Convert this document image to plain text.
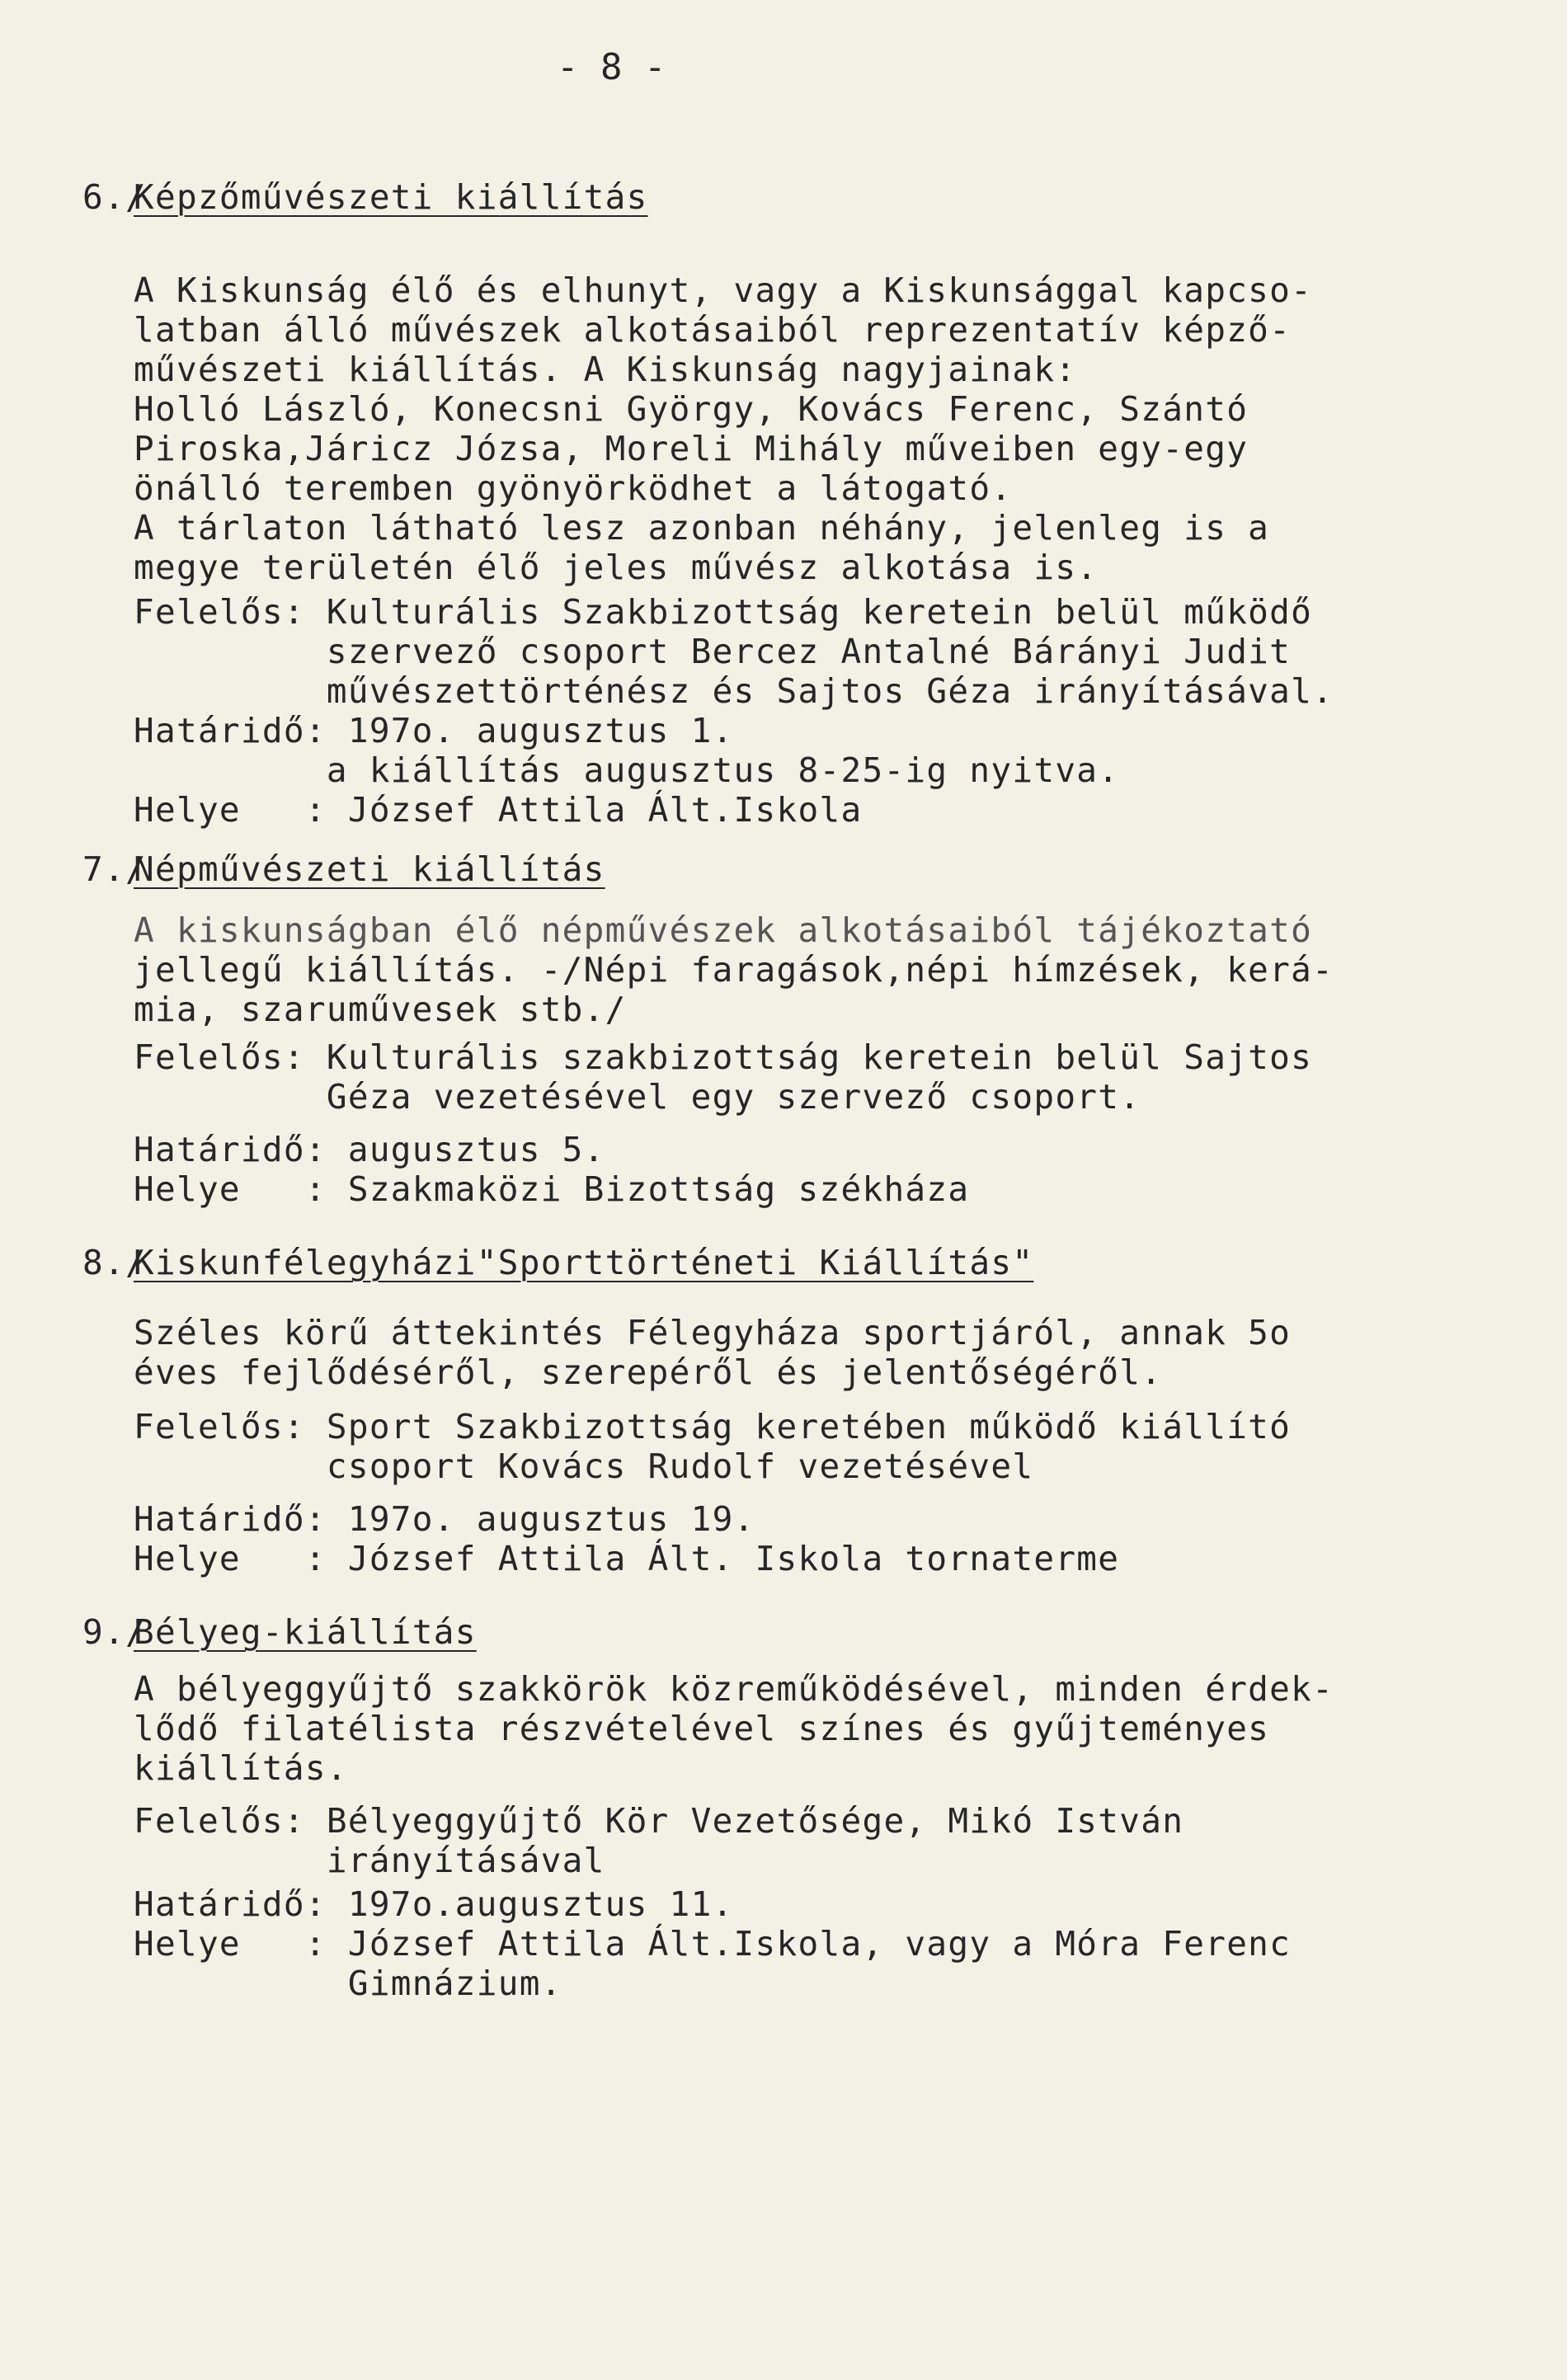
- 8 -
6./
Képzőművészeti kiállítás
A Kiskunság élő és elhunyt, vagy a Kiskunsággal kapcso-
latban álló művészek alkotásaiból reprezentatív képző-
művészeti kiállítás. A Kiskunság nagyjainak:
Holló László, Konecsni György, Kovács Ferenc, Szántó
Piroska,Járicz Józsa, Moreli Mihály műveiben egy-egy
önálló teremben gyönyörködhet a látogató.
A tárlaton látható lesz azonban néhány, jelenleg is a
megye területén élő jeles művész alkotása is.
Felelős: Kulturális Szakbizottság keretein belül működő
szervező csoport Bercez Antalné Bárányi Judit
művészettörténész és Sajtos Géza irányításával.
Határidő: 197o. augusztus 1.
a kiállítás augusztus 8-25-ig nyitva.
Helye   : József Attila Ált.Iskola
7./
Népművészeti kiállítás
A kiskunságban élő népművészek alkotásaiból tájékoztató
jellegű kiállítás. -/Népi faragások,népi hímzések, kerá-
mia, szaruművesek stb./
Felelős: Kulturális szakbizottság keretein belül Sajtos
Géza vezetésével egy szervező csoport.
Határidő: augusztus 5.
Helye   : Szakmaközi Bizottság székháza
8./
Kiskunfélegyházi"Sporttörténeti Kiállítás"
Széles körű áttekintés Félegyháza sportjáról, annak 5o
éves fejlődéséről, szerepéről és jelentőségéről.
Felelős: Sport Szakbizottság keretében működő kiállító
csoport Kovács Rudolf vezetésével
Határidő: 197o. augusztus 19.
Helye   : József Attila Ált. Iskola tornaterme
9./
Bélyeg-kiállítás
A bélyeggyűjtő szakkörök közreműködésével, minden érdek-
lődő filatélista részvételével színes és gyűjteményes
kiállítás.
Felelős: Bélyeggyűjtő Kör Vezetősége, Mikó István
irányításával
Határidő: 197o.augusztus 11.
Helye   : József Attila Ált.Iskola, vagy a Móra Ferenc
Gimnázium.
